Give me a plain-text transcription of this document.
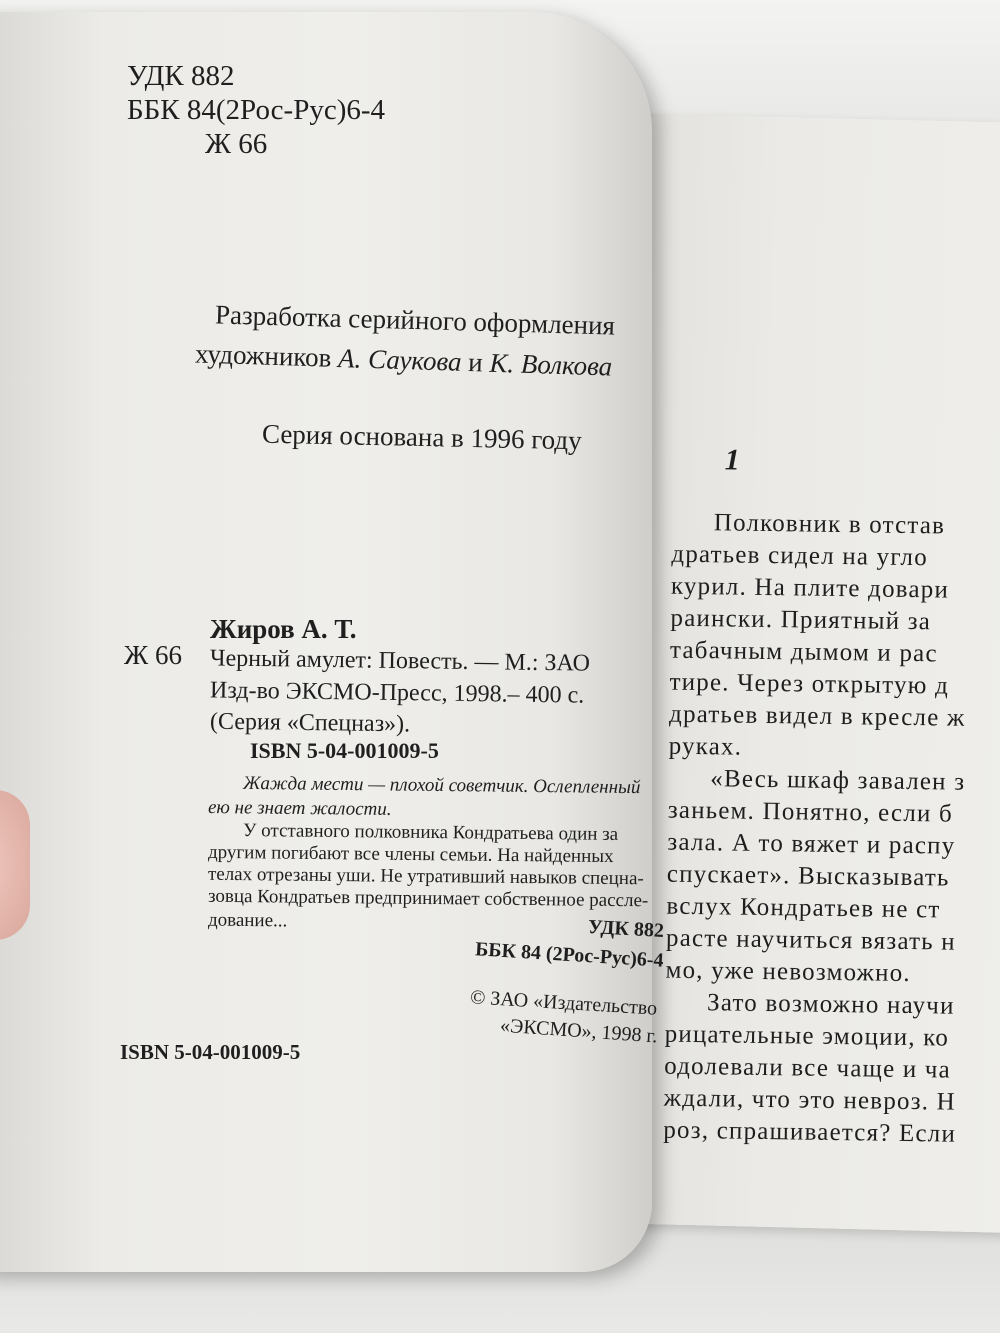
1
Полковник в отстав
дратьев сидел на угло
курил. На плите довари
раински. Приятный за
табачным дымом и рас
тире. Через открытую д
дратьев видел в кресле ж
руках.
«Весь шкаф завален з
заньем. Понятно, если б
зала. А то вяжет и распу
спускает». Высказывать
вслух Кондратьев не ст
расте научиться вязать н
мо, уже невозможно.
Зато возможно научи
рицательные эмоции, ко
одолевали все чаще и ча
ждали, что это невроз. Н
роз, спрашивается? Если
УДК 882
ББК 84(2Рос-Рус)6-4
Ж 66
Разработка серийного оформления
художников А. Саукова и К. Волкова
Серия основана в 1996 году
Жиров А. Т.
Ж 66 Черный амулет: Повесть. — М.: ЗАО
Изд-во ЭКСМО-Пресс, 1998.– 400 с.
(Серия «Спецназ»).
ISBN 5-04-001009-5
Жажда мести — плохой советчик. Ослепленный
ею не знает жалости.
У отставного полковника Кондратьева один за
другим погибают все члены семьи. На найденных
телах отрезаны уши. Не утративший навыков спецна-
зовца Кондратьев предпринимает собственное рассле-
дование...	УДК 882
ББК 84 (2Рос-Рус)6-4
© ЗАО «Издательство
«ЭКСМО», 1998 г.
ISBN 5-04-001009-5
